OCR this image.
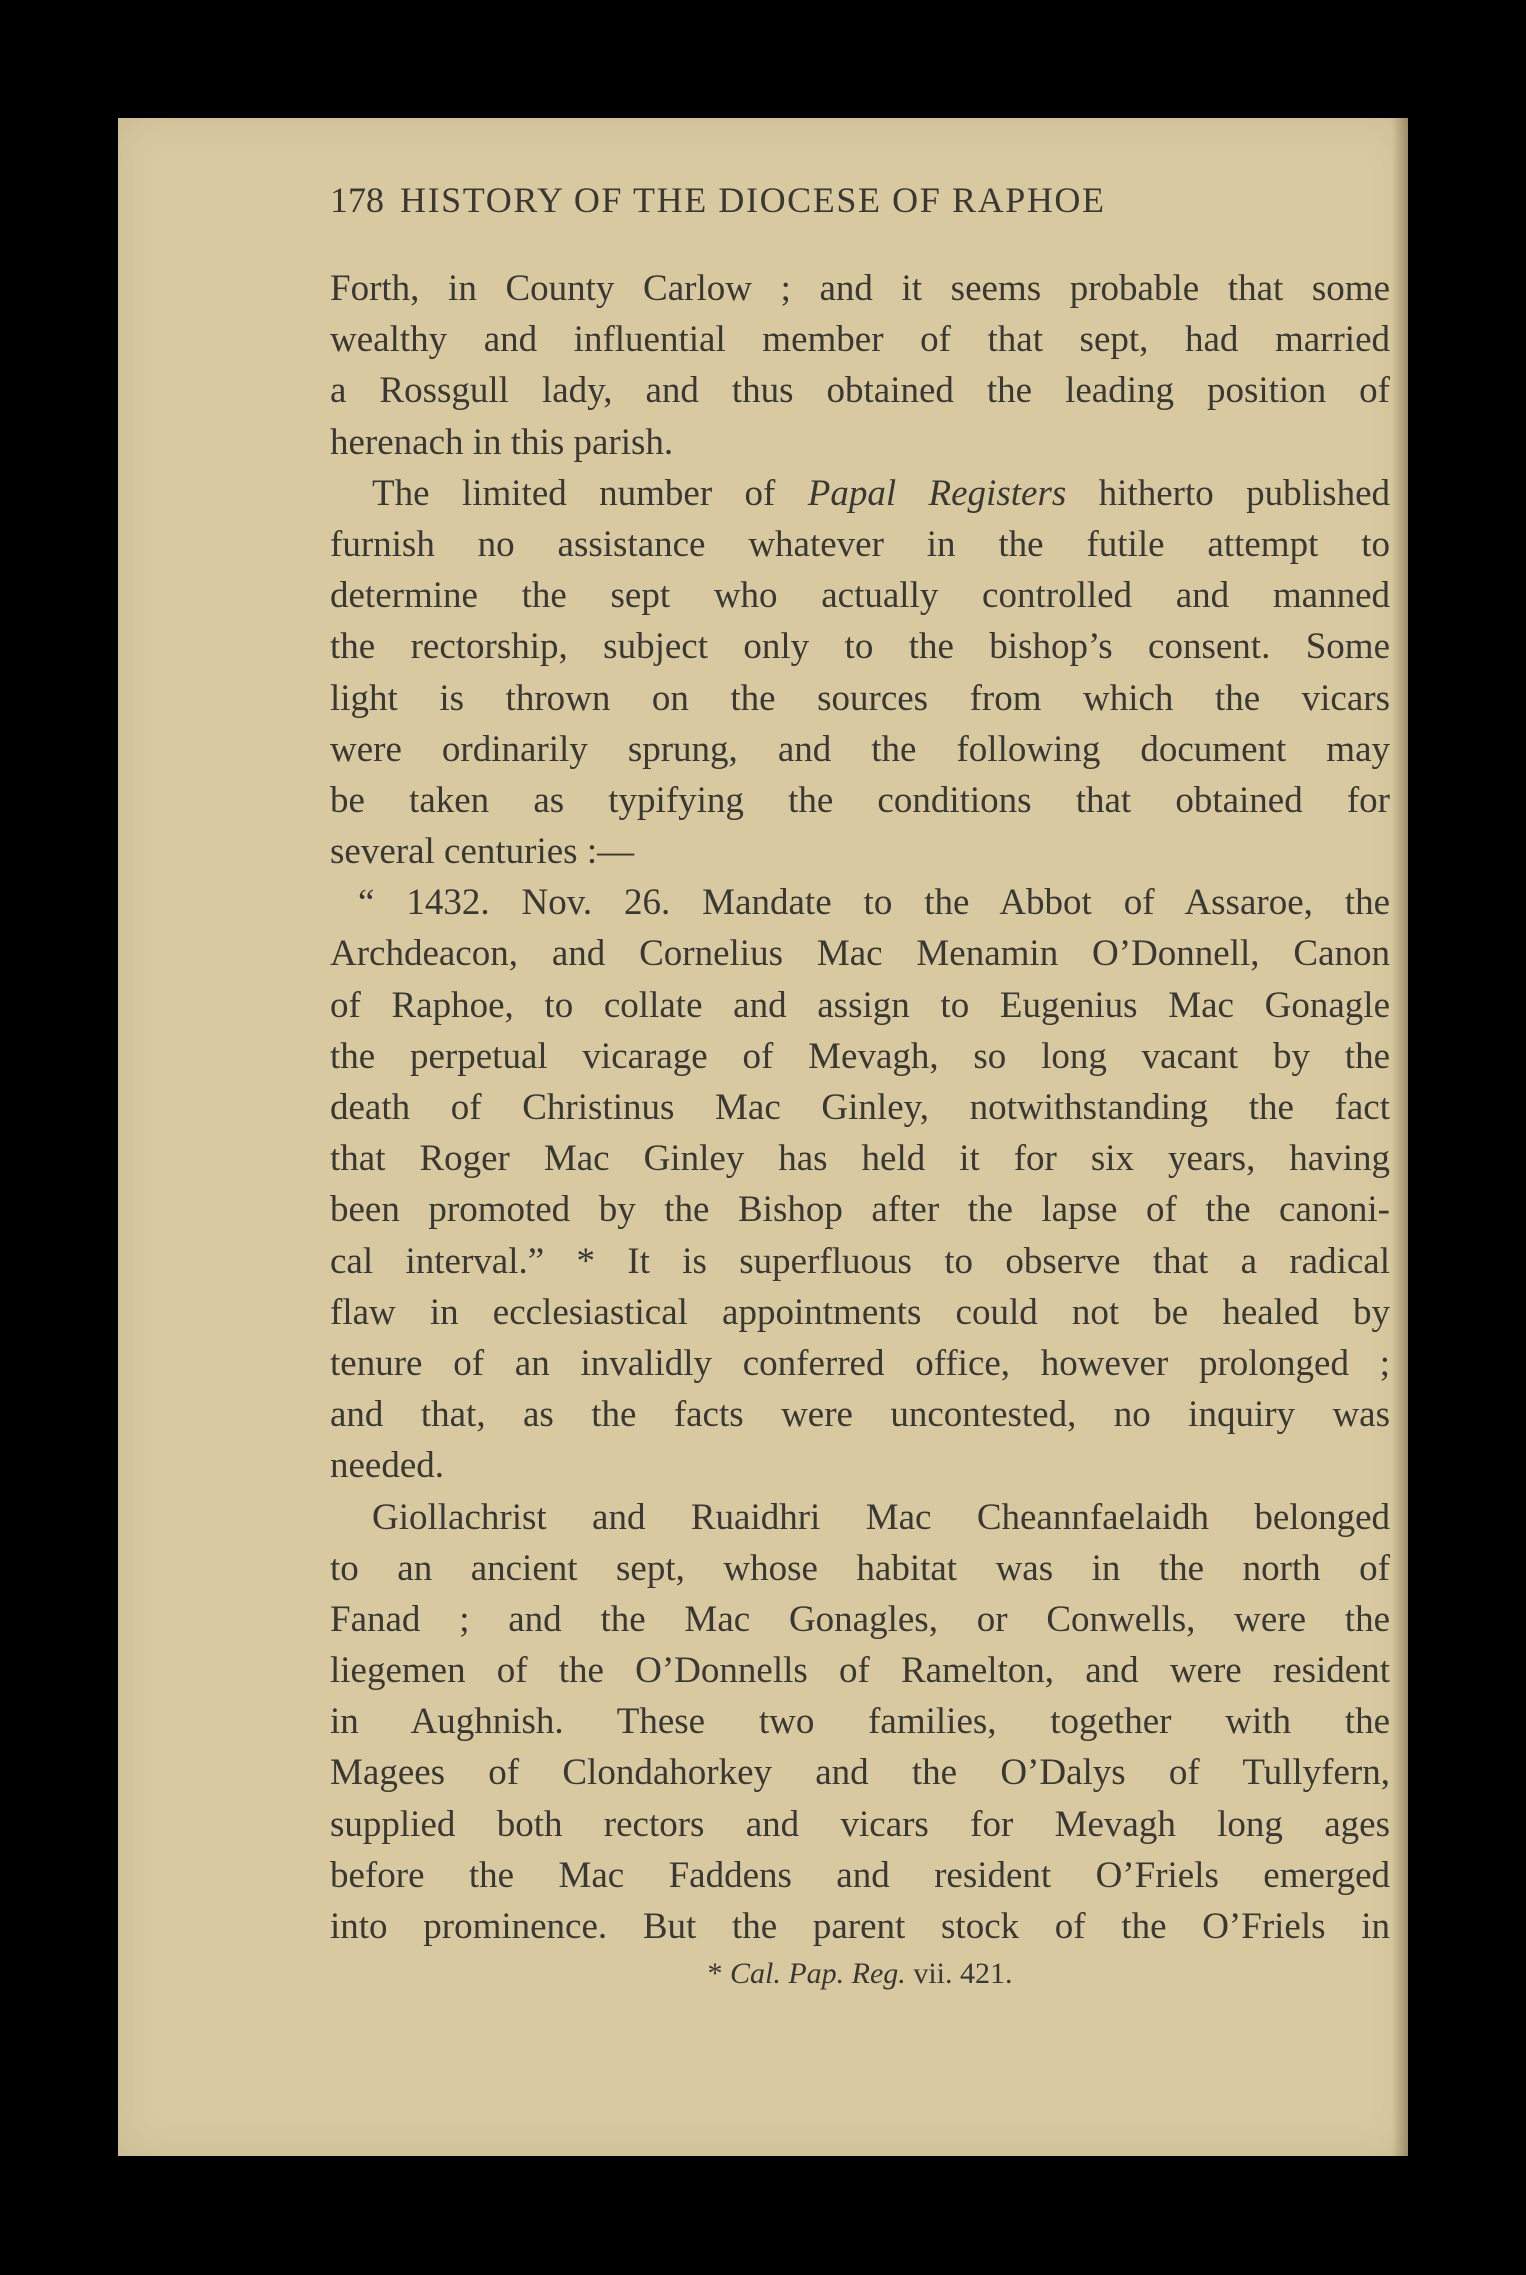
178 HISTORY OF THE DIOCESE OF RAPHOE
Forth, in County Carlow ; and it seems probable that some
wealthy and influential member of that sept, had married
a Rossgull lady, and thus obtained the leading position of
herenach in this parish.
The limited number of Papal Registers hitherto published
furnish no assistance whatever in the futile attempt to
determine the sept who actually controlled and manned
the rectorship, subject only to the bishop’s consent. Some
light is thrown on the sources from which the vicars
were ordinarily sprung, and the following document may
be taken as typifying the conditions that obtained for
several centuries :—
“ 1432. Nov. 26. Mandate to the Abbot of Assaroe, the
Archdeacon, and Cornelius Mac Menamin O’Donnell, Canon
of Raphoe, to collate and assign to Eugenius Mac Gonagle
the perpetual vicarage of Mevagh, so long vacant by the
death of Christinus Mac Ginley, notwithstanding the fact
that Roger Mac Ginley has held it for six years, having
been promoted by the Bishop after the lapse of the canoni-
cal interval.” * It is superfluous to observe that a radical
flaw in ecclesiastical appointments could not be healed by
tenure of an invalidly conferred office, however prolonged ;
and that, as the facts were uncontested, no inquiry was
needed.
Giollachrist and Ruaidhri Mac Cheannfaelaidh belonged
to an ancient sept, whose habitat was in the north of
Fanad ; and the Mac Gonagles, or Conwells, were the
liegemen of the O’Donnells of Ramelton, and were resident
in Aughnish. These two families, together with the
Magees of Clondahorkey and the O’Dalys of Tullyfern,
supplied both rectors and vicars for Mevagh long ages
before the Mac Faddens and resident O’Friels emerged
into prominence. But the parent stock of the O’Friels in
* Cal. Pap. Reg. vii. 421.
